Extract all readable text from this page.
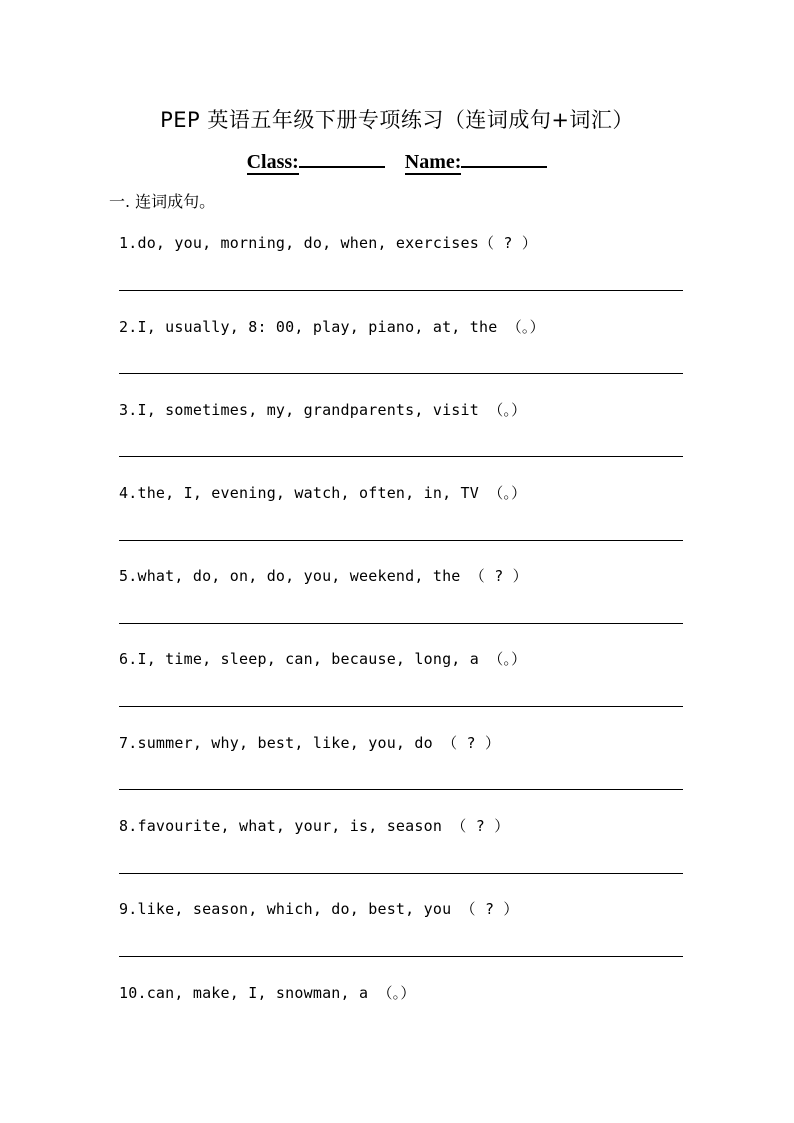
PEP 英语五年级下册专项练习（连词成句+词汇）
Class:	Name:
一. 连词成句。
1.do, you, morning, do, when, exercises（ ? ）
2.I, usually, 8: 00, play, piano, at, the （。）
3.I, sometimes, my, grandparents, visit （。）
4.the, I, evening, watch, often, in, TV （。）
5.what, do, on, do, you, weekend, the （ ? ）
6.I, time, sleep, can, because, long, a （。）
7.summer, why, best, like, you, do （ ? ）
8.favourite, what, your, is, season （ ? ）
9.like, season, which, do, best, you （ ? ）
10.can, make, I, snowman, a （。）
